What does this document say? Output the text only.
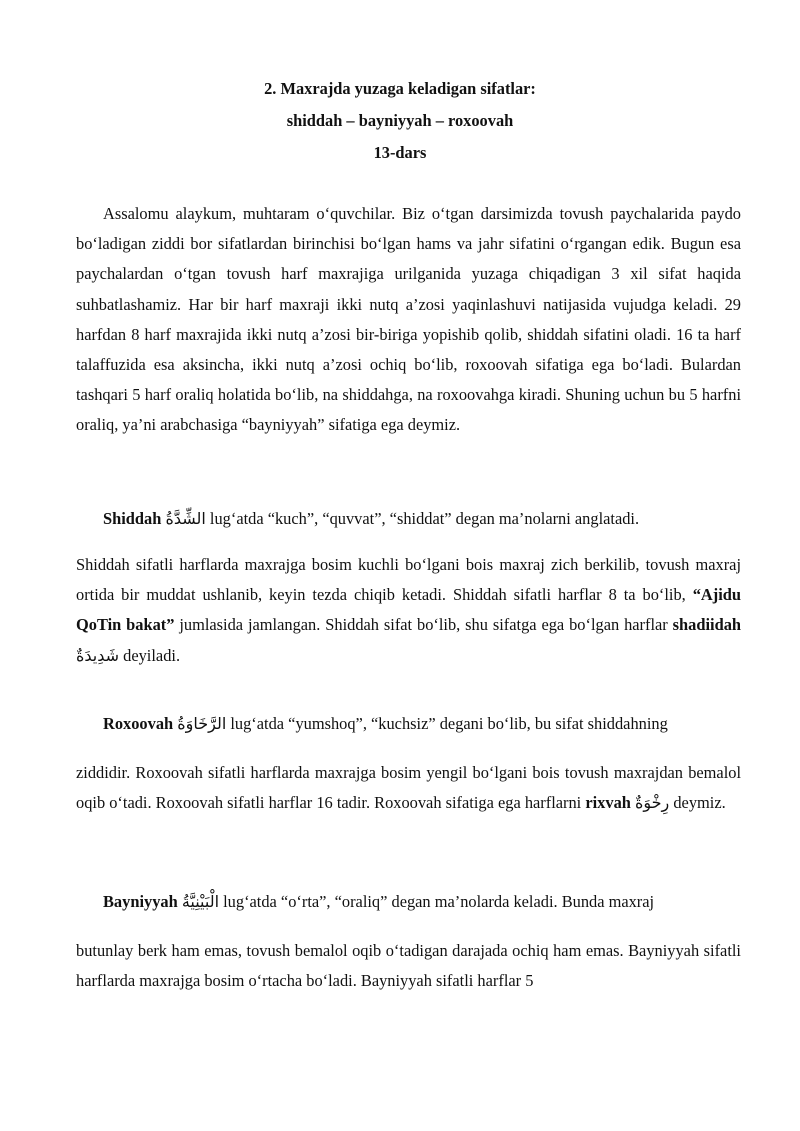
2. Maxrajda yuzaga keladigan sifatlar:
shiddah – bayniyyah – roxoovah
13-dars

Assalomu alaykum, muhtaram o‘quvchilar. Biz o‘tgan darsimizda tovush paychalarida paydo bo‘ladigan ziddi bor sifatlardan birinchisi bo‘lgan hams va jahr sifatini o‘rgangan edik. Bugun esa paychalardan o‘tgan tovush harf maxrajiga urilganida yuzaga chiqadigan 3 xil sifat haqida suhbatlashamiz. Har bir harf maxraji ikki nutq a’zosi yaqinlashuvi natijasida vujudga keladi. 29 harfdan 8 harf maxrajida ikki nutq a’zosi bir-biriga yopishib qolib, shiddah sifatini oladi. 16 ta harf talaffuzida esa aksincha, ikki nutq a’zosi ochiq bo‘lib, roxoovah sifatiga ega bo‘ladi. Bulardan tashqari 5 harf oraliq holatida bo‘lib, na shiddahga, na roxoovahga kiradi. Shuning uchun bu 5 harfni oraliq, ya’ni arabchasiga “bayniyyah” sifatiga ega deymiz.

Shiddah الشِّدَّةُ lug‘atda “kuch”, “quvvat”, “shiddat” degan ma’nolarni anglatadi.

Shiddah sifatli harflarda maxrajga bosim kuchli bo‘lgani bois maxraj zich berkilib, tovush maxraj ortida bir muddat ushlanib, keyin tezda chiqib ketadi. Shiddah sifatli harflar 8 ta bo‘lib, “Ajidu QoTin bakat” jumlasida jamlangan. Shiddah sifat bo‘lib, shu sifatga ega bo‘lgan harflar shadiidah شَدِيدَةٌ deyiladi.

Roxoovah الرَّخَاوَةُ lug‘atda “yumshoq”, “kuchsiz” degani bo‘lib, bu sifat shiddahning

ziddidir. Roxoovah sifatli harflarda maxrajga bosim yengil bo‘lgani bois tovush maxrajdan bemalol oqib o‘tadi. Roxoovah sifatli harflar 16 tadir. Roxoovah sifatiga ega harflarni rixvah رِخْوَةٌ deymiz.

Bayniyyah الْبَيْنِيَّةُ lug‘atda “o‘rta”, “oraliq” degan ma’nolarda keladi. Bunda maxraj

butunlay berk ham emas, tovush bemalol oqib o‘tadigan darajada ochiq ham emas. Bayniyyah sifatli harflarda maxrajga bosim o‘rtacha bo‘ladi. Bayniyyah sifatli harflar 5
